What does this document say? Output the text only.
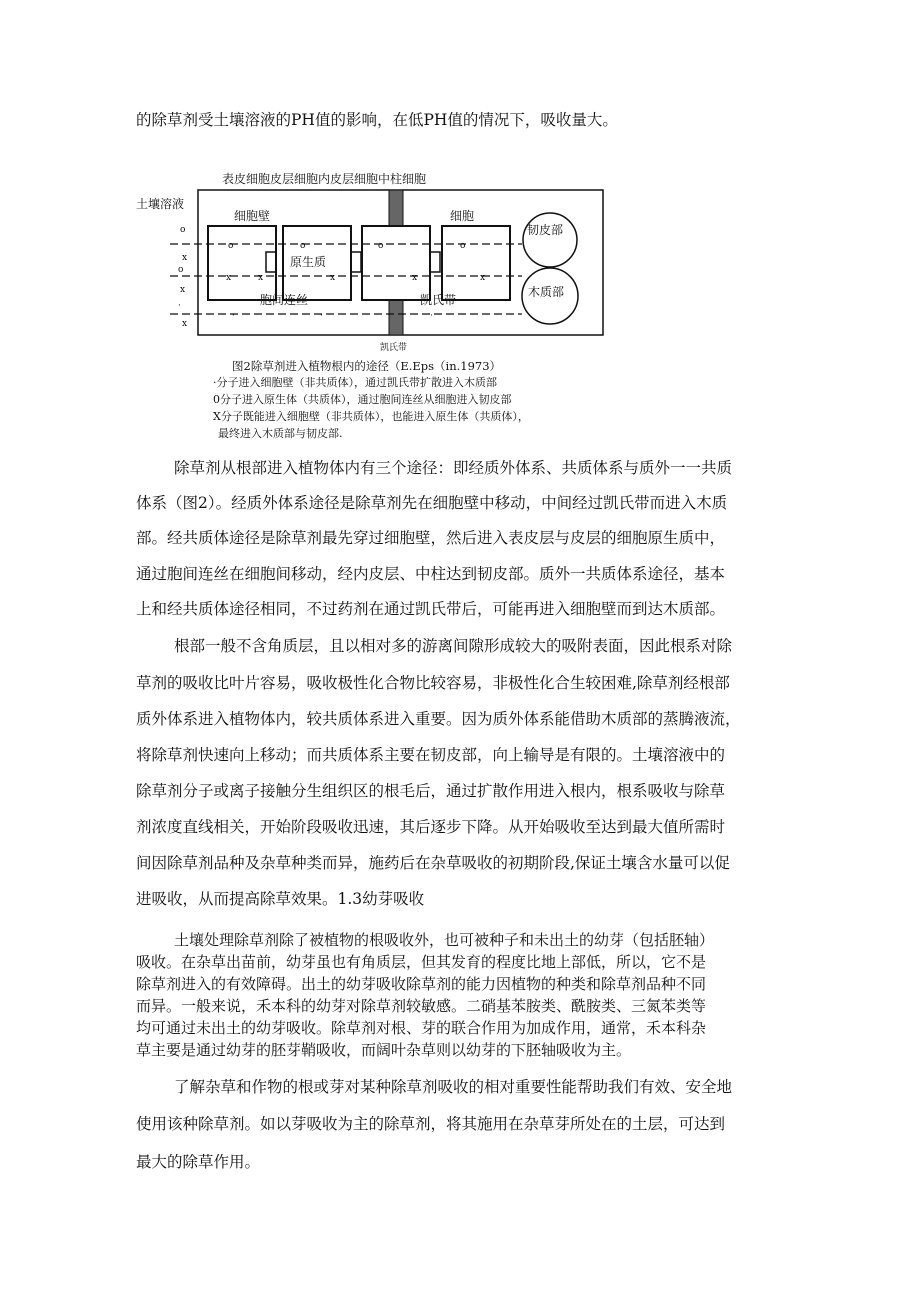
的除草剂受土壤溶液的PH值的影响，在低PH值的情况下，吸收量大。

o	o	o	o
x	x	x	x	x
·	·	·
o
x
o
x
·
x
表皮细胞皮层细胞内皮层细胞中柱细胞
土壤溶液
细胞壁	细胞
韧皮部
原生质
木质部
胞间连丝	凯氏带
凯氏带

图2除草剂进入植物根内的途径（E.Eps（in.1973）

·分子进入细胞壁（非共质体），通过凯氏带扩散进入木质部

0分子进入原生体（共质体），通过胞间连丝从细胞进入韧皮部

X分子既能进入细胞壁（非共质体），也能进入原生体（共质体），

最终进入木质部与韧皮部.

除草剂从根部进入植物体内有三个途径：即经质外体系、共质体系与质外一一共质

体系（图2）。经质外体系途径是除草剂先在细胞壁中移动，中间经过凯氏带而进入木质

部。经共质体途径是除草剂最先穿过细胞壁，然后进入表皮层与皮层的细胞原生质中，

通过胞间连丝在细胞间移动，经内皮层、中柱达到韧皮部。质外一共质体系途径，基本

上和经共质体途径相同，不过药剂在通过凯氏带后，可能再进入细胞壁而到达木质部。

根部一般不含角质层，且以相对多的游离间隙形成较大的吸附表面，因此根系对除

草剂的吸收比叶片容易，吸收极性化合物比较容易，非极性化合生较困难,除草剂经根部

质外体系进入植物体内，较共质体系进入重要。因为质外体系能借助木质部的蒸腾液流，

将除草剂快速向上移动；而共质体系主要在韧皮部，向上输导是有限的。土壤溶液中的

除草剂分子或离子接触分生组织区的根毛后，通过扩散作用进入根内，根系吸收与除草

剂浓度直线相关，开始阶段吸收迅速，其后逐步下降。从开始吸收至达到最大值所需时

间因除草剂品种及杂草种类而异，施药后在杂草吸收的初期阶段,保证土壤含水量可以促

进吸收，从而提高除草效果。1.3幼芽吸收

土壤处理除草剂除了被植物的根吸收外，也可被种子和未出土的幼芽（包括胚轴）

吸收。在杂草出苗前，幼芽虽也有角质层，但其发育的程度比地上部低，所以，它不是

除草剂进入的有效障碍。出土的幼芽吸收除草剂的能力因植物的种类和除草剂品种不同

而异。一般来说，禾本科的幼芽对除草剂较敏感。二硝基苯胺类、酰胺类、三氮苯类等

均可通过未出土的幼芽吸收。除草剂对根、芽的联合作用为加成作用，通常，禾本科杂

草主要是通过幼芽的胚芽鞘吸收，而阔叶杂草则以幼芽的下胚轴吸收为主。

了解杂草和作物的根或芽对某种除草剂吸收的相对重要性能帮助我们有效、安全地

使用该种除草剂。如以芽吸收为主的除草剂，将其施用在杂草芽所处在的土层，可达到

最大的除草作用。
